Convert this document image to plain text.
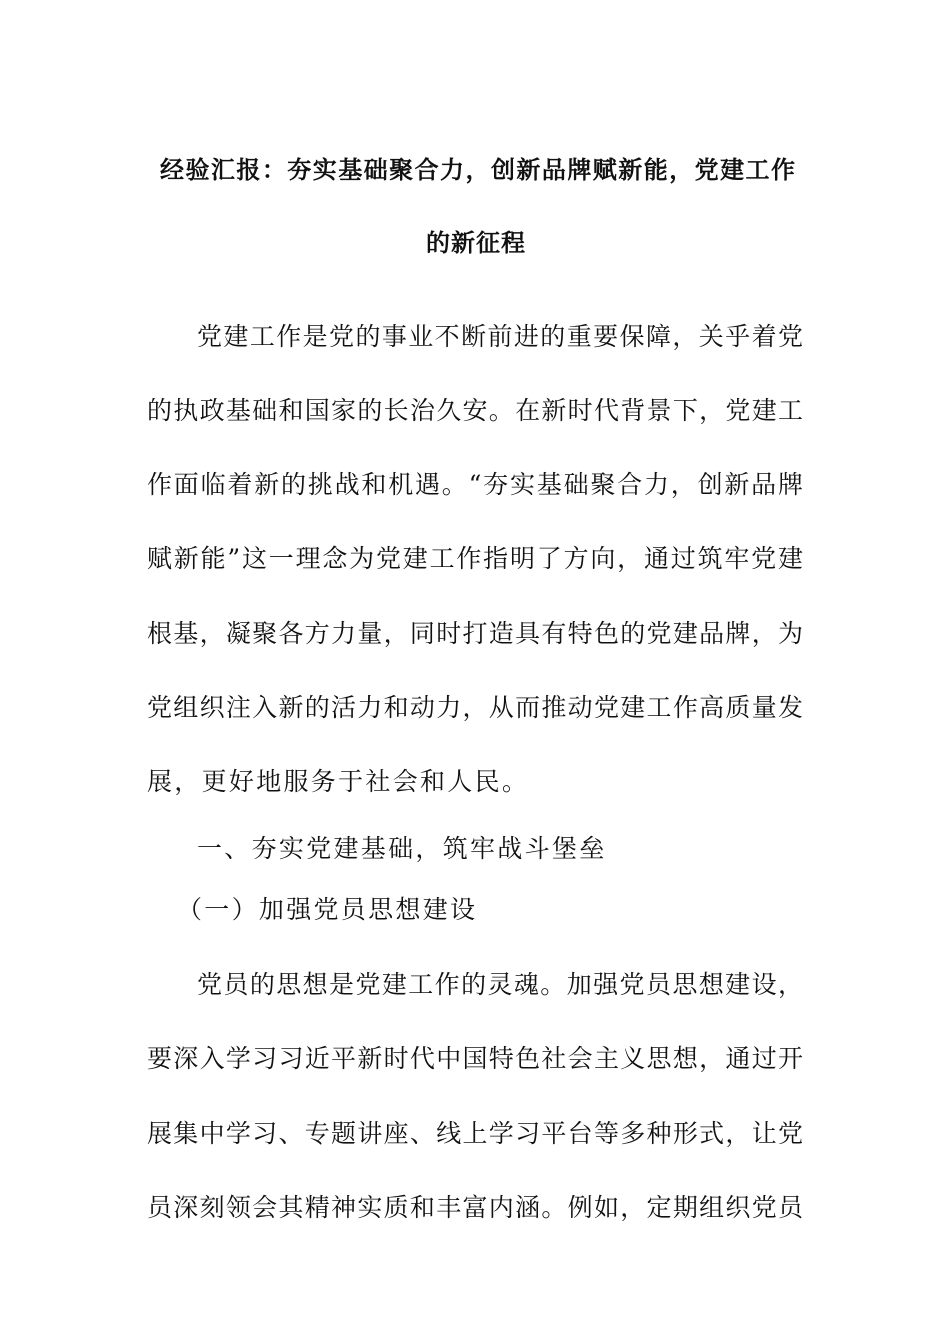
经验汇报：夯实基础聚合力，创新品牌赋新能，党建工作
的新征程
党建工作是党的事业不断前进的重要保障，关乎着党
的执政基础和国家的长治久安。在新时代背景下，党建工
作面临着新的挑战和机遇。“夯实基础聚合力，创新品牌
赋新能”这一理念为党建工作指明了方向，通过筑牢党建
根基，凝聚各方力量，同时打造具有特色的党建品牌，为
党组织注入新的活力和动力，从而推动党建工作高质量发
展，更好地服务于社会和人民。
一、夯实党建基础，筑牢战斗堡垒
（一）加强党员思想建设
党员的思想是党建工作的灵魂。加强党员思想建设，
要深入学习习近平新时代中国特色社会主义思想，通过开
展集中学习、专题讲座、线上学习平台等多种形式，让党
员深刻领会其精神实质和丰富内涵。例如，定期组织党员
